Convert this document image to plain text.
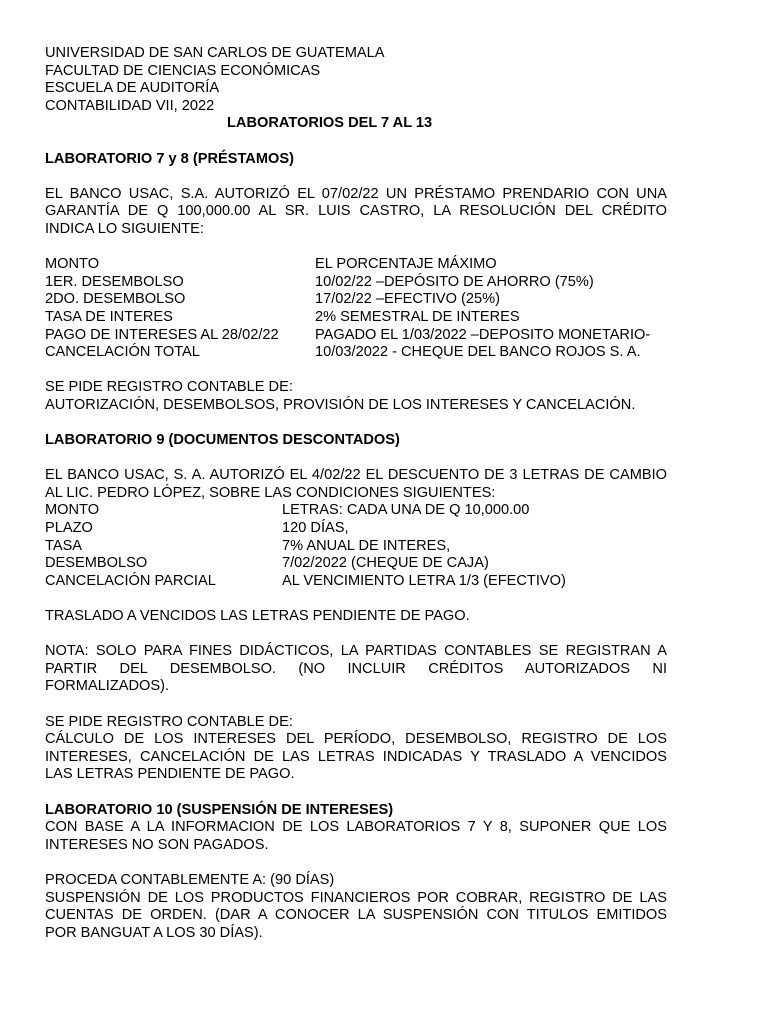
UNIVERSIDAD DE SAN CARLOS DE GUATEMALA
FACULTAD DE CIENCIAS ECONÓMICAS
ESCUELA DE AUDITORÍA
CONTABILIDAD VII, 2022
LABORATORIOS DEL 7 AL 13
LABORATORIO 7 y 8 (PRÉSTAMOS)
EL BANCO USAC, S.A. AUTORIZÓ EL 07/02/22 UN PRÉSTAMO PRENDARIO CON UNA
GARANTÍA DE Q 100,000.00 AL SR. LUIS CASTRO, LA RESOLUCIÓN DEL CRÉDITO
INDICA LO SIGUIENTE:
MONTO	EL PORCENTAJE MÁXIMO
1ER. DESEMBOLSO	10/02/22 –DEPÓSITO DE AHORRO (75%)
2DO. DESEMBOLSO	17/02/22 –EFECTIVO (25%)
TASA DE INTERES	2% SEMESTRAL DE INTERES
PAGO DE INTERESES AL 28/02/22	PAGADO EL 1/03/2022 –DEPOSITO MONETARIO-
CANCELACIÓN TOTAL	10/03/2022 - CHEQUE DEL BANCO ROJOS S. A.
SE PIDE REGISTRO CONTABLE DE:
AUTORIZACIÓN, DESEMBOLSOS, PROVISIÓN DE LOS INTERESES Y CANCELACIÓN.
LABORATORIO 9 (DOCUMENTOS DESCONTADOS)
EL BANCO USAC, S. A. AUTORIZÓ EL 4/02/22 EL DESCUENTO DE 3 LETRAS DE CAMBIO
AL LIC. PEDRO LÓPEZ, SOBRE LAS CONDICIONES SIGUIENTES:
MONTO	LETRAS: CADA UNA DE Q 10,000.00
PLAZO	120 DÍAS,
TASA	7% ANUAL DE INTERES,
DESEMBOLSO	7/02/2022 (CHEQUE DE CAJA)
CANCELACIÓN PARCIAL	AL VENCIMIENTO LETRA 1/3 (EFECTIVO)
TRASLADO A VENCIDOS LAS LETRAS PENDIENTE DE PAGO.
NOTA: SOLO PARA FINES DIDÁCTICOS, LA PARTIDAS CONTABLES SE REGISTRAN A
PARTIR DEL DESEMBOLSO. (NO INCLUIR CRÉDITOS AUTORIZADOS NI
FORMALIZADOS).
SE PIDE REGISTRO CONTABLE DE:
CÁLCULO DE LOS INTERESES DEL PERÍODO, DESEMBOLSO, REGISTRO DE LOS
INTERESES, CANCELACIÓN DE LAS LETRAS INDICADAS Y TRASLADO A VENCIDOS
LAS LETRAS PENDIENTE DE PAGO.
LABORATORIO 10 (SUSPENSIÓN DE INTERESES)
CON BASE A LA INFORMACION DE LOS LABORATORIOS 7 Y 8, SUPONER QUE LOS
INTERESES NO SON PAGADOS.
PROCEDA CONTABLEMENTE A: (90 DÍAS)
SUSPENSIÓN DE LOS PRODUCTOS FINANCIEROS POR COBRAR, REGISTRO DE LAS
CUENTAS DE ORDEN. (DAR A CONOCER LA SUSPENSIÓN CON TITULOS EMITIDOS
POR BANGUAT A LOS 30 DÍAS).
